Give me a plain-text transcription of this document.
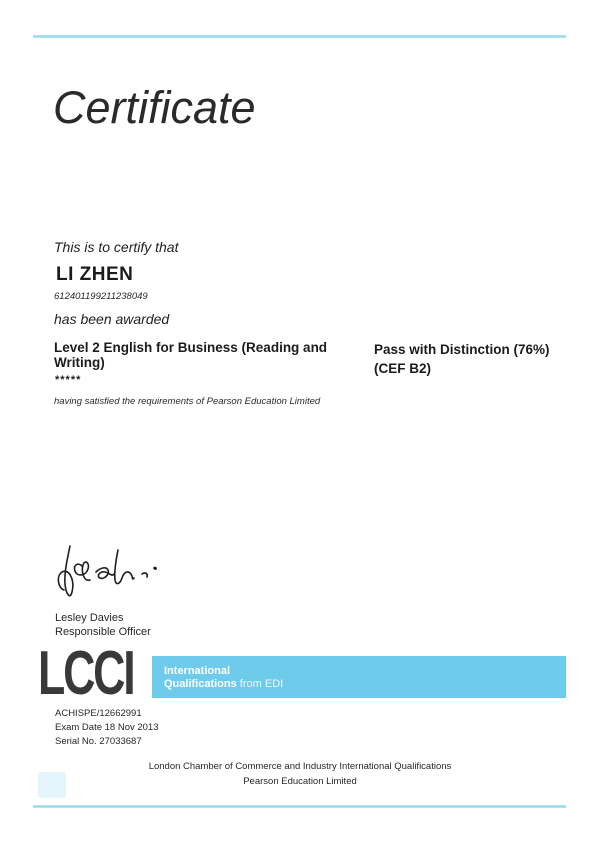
Certificate
This is to certify that
LI ZHEN
612401199211238049
has been awarded
Level 2 English for Business (Reading and Writing)
Pass with Distinction (76%)
(CEF B2)
*****
having satisfied the requirements of Pearson Education Limited
Lesley Davies
Responsible Officer
LCCI	International
Qualifications from EDI
ACHISPE/12662991
Exam Date 18 Nov 2013
Serial No. 27033687
London Chamber of Commerce and Industry International Qualifications
Pearson Education Limited
